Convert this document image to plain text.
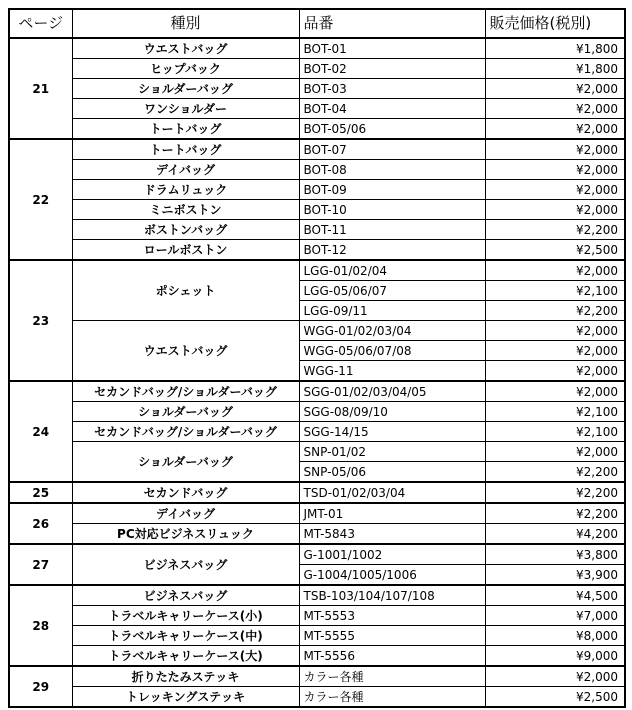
ページ	種別	品番	販売価格(税別)
21	ウエストバッグ	BOT-01	¥1,800
	ヒップバック	BOT-02	¥1,800
	ショルダーバッグ	BOT-03	¥2,000
	ワンショルダー	BOT-04	¥2,000
	トートバッグ	BOT-05/06	¥2,000
22	トートバッグ	BOT-07	¥2,000
	デイバッグ	BOT-08	¥2,000
	ドラムリュック	BOT-09	¥2,000
	ミニボストン	BOT-10	¥2,000
	ボストンバッグ	BOT-11	¥2,200
	ロールボストン	BOT-12	¥2,500
23	ポシェット	LGG-01/02/04	¥2,000
		LGG-05/06/07	¥2,100
		LGG-09/11	¥2,200
	ウエストバッグ	WGG-01/02/03/04	¥2,000
		WGG-05/06/07/08	¥2,000
		WGG-11	¥2,000
24	セカンドバッグ/ショルダーバッグ	SGG-01/02/03/04/05	¥2,000
	ショルダーバッグ	SGG-08/09/10	¥2,100
	セカンドバッグ/ショルダーバッグ	SGG-14/15	¥2,100
	ショルダーバッグ	SNP-01/02	¥2,000
		SNP-05/06	¥2,200
25	セカンドバッグ	TSD-01/02/03/04	¥2,200
26	デイバッグ	JMT-01	¥2,200
	PC対応ビジネスリュック	MT-5843	¥4,200
27	ビジネスバッグ	G-1001/1002	¥3,800
		G-1004/1005/1006	¥3,900
28	ビジネスバッグ	TSB-103/104/107/108	¥4,500
	トラベルキャリーケース(小)	MT-5553	¥7,000
	トラベルキャリーケース(中)	MT-5555	¥8,000
	トラベルキャリーケース(大)	MT-5556	¥9,000
29	折りたたみステッキ	カラー各種	¥2,000
	トレッキングステッキ	カラー各種	¥2,500
